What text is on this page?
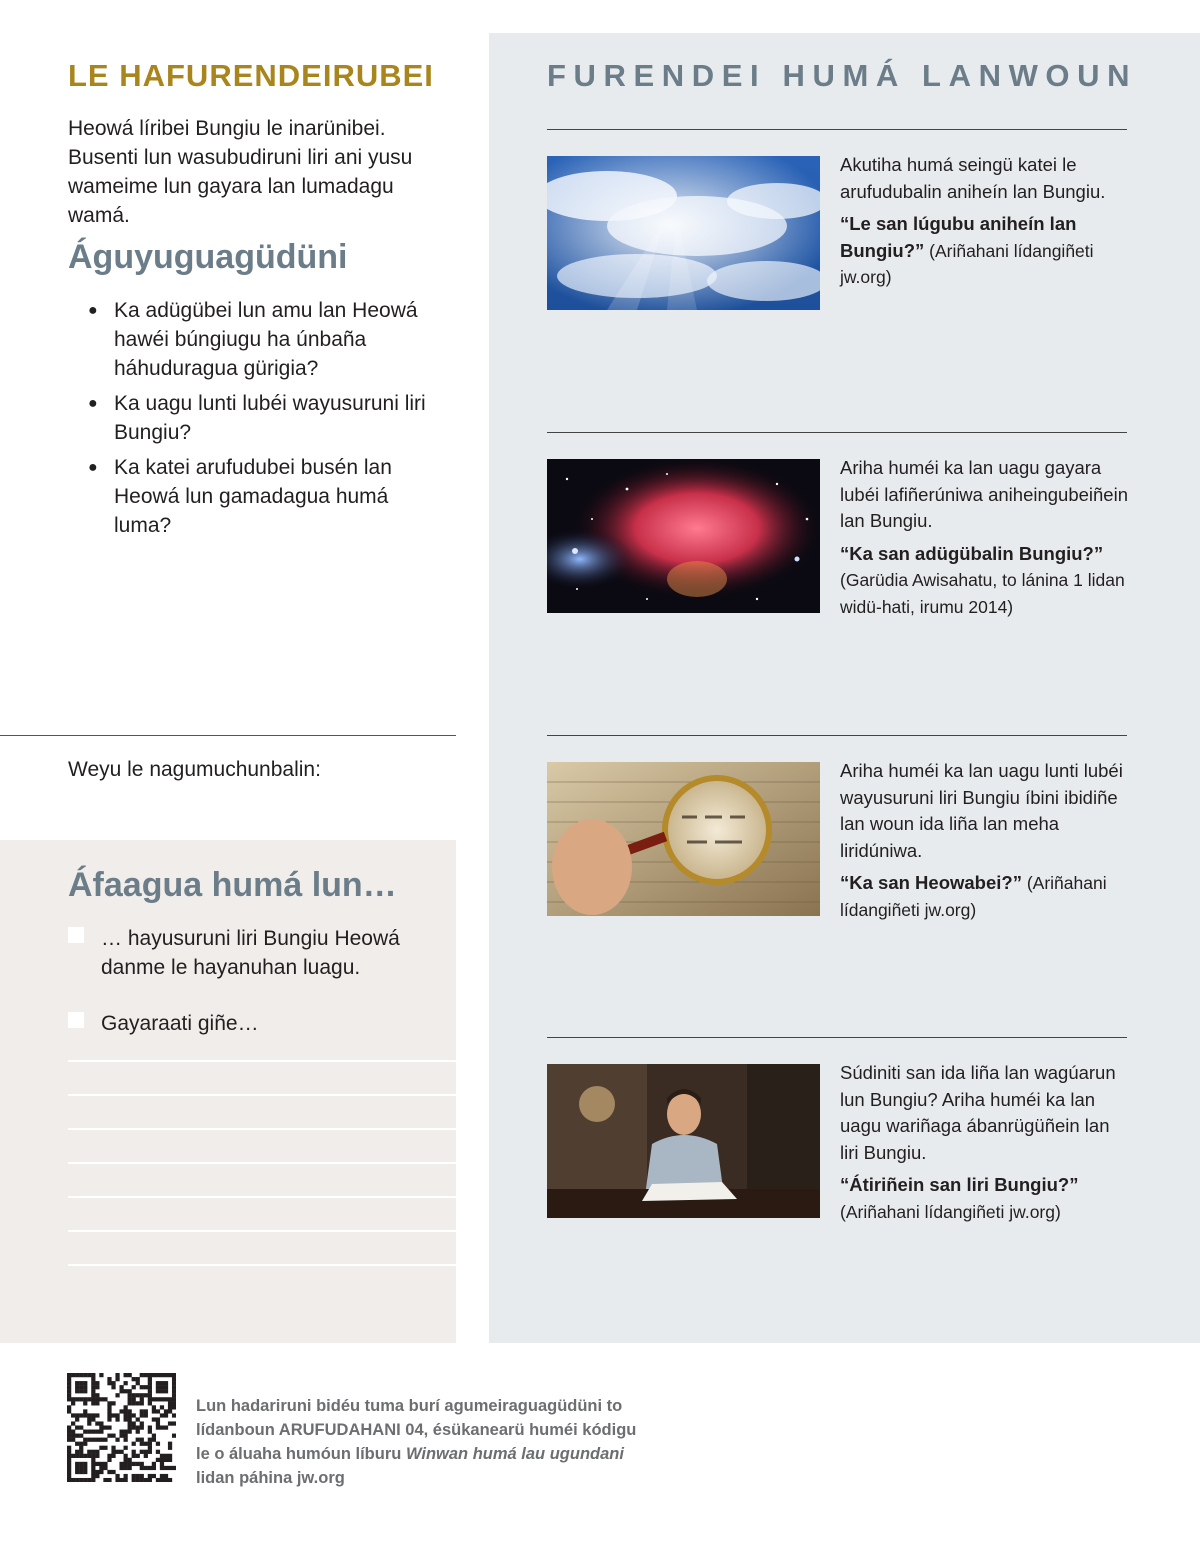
LE HAFURENDEIRUBEI

Heowá líribei Bungiu le inarünibei. Busenti lun wasubudiruni liri ani yusu wameime lun gayara lan lumadagu wamá.

Águyuguagüdüni
● Ka adügübei lun amu lan Heowá hawéi búngiugu ha únbaña háhuduragua gürigia?
● Ka uagu lunti lubéi wayusuruni liri Bungiu?
● Ka katei arufudubei busén lan Heowá lun gamadagua humá luma?
Weyu le nagumuchunbalin:
Áfaagua humá lun…
… hayusuruni liri Bungiu Heowá danme le hayanuhan luagu.
Gayaraati giñe…
FURENDEI HUMÁ LANWOUN
Akutiha humá seingü katei le arufudubalin aniheín lan Bungiu.
“Le san lúgubu aniheín lan Bungiu?” (Ariñahani lídangiñeti jw.org)
Ariha huméi ka lan uagu gayara lubéi lafiñerúniwa aniheingubeiñein lan Bungiu.
“Ka san adügübalin Bungiu?” (Garüdia Awisahatu, to lánina 1 lidan widü-hati, irumu 2014)
Ariha huméi ka lan uagu lunti lubéi wayusuruni liri Bungiu íbini ibidiñe lan woun ida liña lan meha liridúniwa.
“Ka san Heowabei?” (Ariñahani lídangiñeti jw.org)
Súdiniti san ida liña lan wagúarun lun Bungiu? Ariha huméi ka lan uagu wariñaga ábanrügüñein lan liri Bungiu.
“Átiriñein san liri Bungiu?” (Ariñahani lídangiñeti jw.org)
Lun hadariruni bidéu tuma burí agumeiraguagüdüni to
lídanboun ARUFUDAHANI 04, ésükanearü huméi kódigu
le o áluaha humóun líburu Winwan humá lau ugundani
lidan páhina jw.org
